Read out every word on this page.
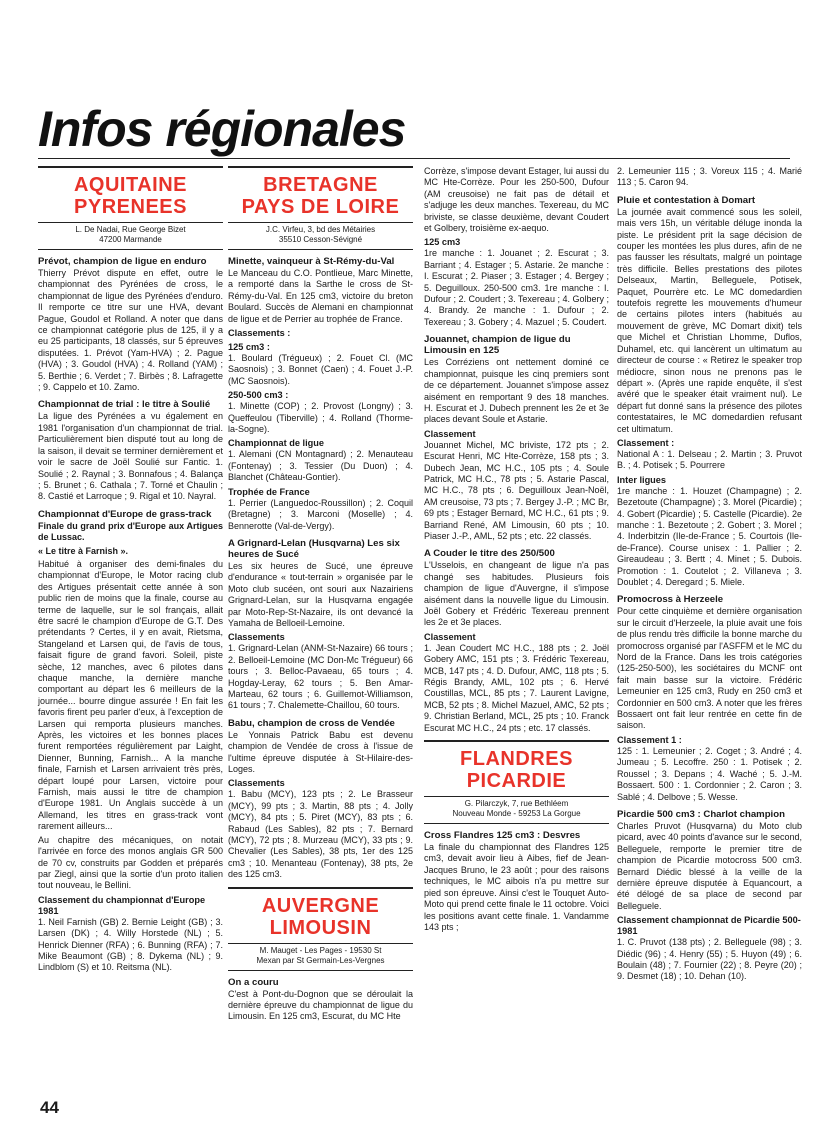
Infos régionales
AQUITAINE
PYRENEES
L. De Nadai, Rue George Bizet
47200 Marmande
Prévot, champion de ligue en enduro

Thierry Prévot dispute en effet, outre le championnat des Pyrénées de cross, le championnat de ligue des Pyrénées d'enduro. Il remporte ce titre sur une HVA, devant Pague, Goudol et Rolland. A noter que dans ce championnat catégorie plus de 125, il y a eu 25 participants, 18 classés, sur 5 épreuves disputées. 1. Prévot (Yam-HVA) ; 2. Pague (HVA) ; 3. Goudol (HVA) ; 4. Rolland (YAM) ; 5. Berthie ; 6. Verdet ; 7. Birbès ; 8. Lafragette ; 9. Cappelo et 10. Zamo.

Championnat de trial : le titre à Soulié

La ligue des Pyrénées a vu également en 1981 l'organisation d'un championnat de trial. Particulièrement bien disputé tout au long de la saison, il devait se terminer dernièrement et voir le sacre de Joël Soulié sur Fantic. 1. Soulié ; 2. Raynal ; 3. Bonnafous ; 4. Balança ; 5. Brunet ; 6. Cathala ; 7. Torné et Chaulin ; 8. Castié et Larroque ; 9. Rigal et 10. Nayral.

Championnat d'Europe de grass-track

Finale du grand prix d'Europe aux Artigues de Lussac.

« Le titre à Farnish ».

Habitué à organiser des demi-finales du championnat d'Europe, le Motor racing club des Artigues présentait cette année à son public rien de moins que la finale, course au terme de laquelle, sur le sol français, allait être sacré le champion d'Europe de G.T. Des prétendants ? Certes, il y en avait, Rietsma, Stangeland et Larsen qui, de l'avis de tous, faisait figure de grand favori. Soleil, piste sèche, 12 manches, avec 6 pilotes dans chaque manche, la dernière manche comportant au départ les 6 meilleurs de la journée... bourre dingue assurée ! En fait les favoris firent peu parler d'eux, à l'exception de Larsen qui remporta plusieurs manches. Après, les victoires et les bonnes places furent remportées régulièrement par Laight, Dienner, Bunning, Farnish... A la manche finale, Farnish et Larsen arrivaient très près, départ loupé pour Larsen, victoire pour Farnish, mais aussi le titre de champion d'Europe 1981. Un Anglais succède à un Allemand, les titres en grass-track vont rarement ailleurs...

Au chapitre des mécaniques, on notait l'arrivée en force des monos anglais GR 500 de 70 cv, construits par Godden et préparés par Ziegl, ainsi que la sortie d'un proto italien tout nouveau, le Bellini.

Classement du championnat d'Europe 1981

1. Neil Farnish (GB) 2. Bernie Leight (GB) ; 3. Larsen (DK) ; 4. Willy Horstede (NL) ; 5. Henrick Dienner (RFA) ; 6. Bunning (RFA) ; 7. Mike Beaumont (GB) ; 8. Dykema (NL) ; 9. Lindblom (S) et 10. Reitsma (NL).

BRETAGNE
PAYS DE LOIRE
J.C. Virfeu, 3, bd des Métairies
35510 Cesson-Sévigné
Minette, vainqueur à St-Rémy-du-Val

Le Manceau du C.O. Pontlieue, Marc Minette, a remporté dans la Sarthe le cross de St-Rémy-du-Val. En 125 cm3, victoire du breton Boulard. Succès de Alemani en championnat de ligue et de Perrier au trophée de France.

Classements :
125 cm3 :

1. Boulard (Trégueux) ; 2. Fouet Cl. (MC Saosnois) ; 3. Bonnet (Caen) ; 4. Fouet J.-P. (MC Saosnois).

250-500 cm3 :

1. Minette (COP) ; 2. Provost (Longny) ; 3. Queffeulou (Tiberville) ; 4. Rolland (Thorme-la-Sogne).

Championnat de ligue

1. Alemani (CN Montagnard) ; 2. Menauteau (Fontenay) ; 3. Tessier (Du Duon) ; 4. Blanchet (Château-Gontier).

Trophée de France

1. Perrier (Languedoc-Roussillon) ; 2. Coquil (Bretagne) ; 3. Marconi (Moselle) ; 4. Bennerotte (Val-de-Vergy).

A Grignard-Lelan (Husqvarna) Les six heures de Sucé

Les six heures de Sucé, une épreuve d'endurance « tout-terrain » organisée par le Moto club sucéen, ont souri aux Nazairiens Grignard-Lelan, sur la Husqvarna engagée par Moto-Rep-St-Nazaire, ils ont devancé la Yamaha de Belloeil-Lemoine.

Classements

1. Grignard-Lelan (ANM-St-Nazaire) 66 tours ; 2. Belloeil-Lemoine (MC Don-Mc Trégueur) 66 tours ; 3. Belloc-Pavaeau, 65 tours ; 4. Hogday-Leray, 62 tours ; 5. Ben Amar-Marteau, 62 tours ; 6. Guillemot-Williamson, 61 tours ; 7. Chalemette-Chaillou, 60 tours.

Babu, champion de cross de Vendée

Le Yonnais Patrick Babu est devenu champion de Vendée de cross à l'issue de l'ultime épreuve disputée à St-Hilaire-des-Loges.

Classements

1. Babu (MCY), 123 pts ; 2. Le Brasseur (MCY), 99 pts ; 3. Martin, 88 pts ; 4. Jolly (MCY), 84 pts ; 5. Piret (MCY), 83 pts ; 6. Rabaud (Les Sables), 82 pts ; 7. Bernard (MCY), 72 pts ; 8. Murzeau (MCY), 33 pts ; 9. Chevalier (Les Sables), 38 pts, 1er des 125 cm3 ; 10. Menanteau (Fontenay), 38 pts, 2e des 125 cm3.

AUVERGNE
LIMOUSIN
M. Mauget - Les Pages - 19530 St
Mexan par St Germain-Les-Vergnes
On a couru

C'est à Pont-du-Dognon que se déroulait la dernière épreuve du championnat de ligue du Limousin. En 125 cm3, Escurat, du MC Hte

Corrèze, s'impose devant Estager, lui aussi du MC Hte-Corrèze. Pour les 250-500, Dufour (AM creusoise) ne fait pas de détail et s'adjuge les deux manches. Texereau, du MC briviste, se classe deuxième, devant Coudert et Golbery, troisième ex-aequo.

125 cm3

1re manche : 1. Jouanet ; 2. Escurat ; 3. Barriant ; 4. Estager ; 5. Astarie. 2e manche : I. Escurat ; 2. Piaser ; 3. Estager ; 4. Bergey ; 5. Deguilloux. 250-500 cm3. 1re manche : I. Dufour ; 2. Coudert ; 3. Texereau ; 4. Golbery ; 4. Brandy. 2e manche : 1. Dufour ; 2. Texereau ; 3. Gobery ; 4. Mazuel ; 5. Coudert.

Jouannet, champion de ligue du Limousin en 125

Les Corréziens ont nettement dominé ce championnat, puisque les cinq premiers sont de ce département. Jouannet s'impose assez aisément en remportant 9 des 18 manches. H. Escurat et J. Dubech prennent les 2e et 3e places devant Soule et Astarie.

Classement

Jouannet Michel, MC briviste, 172 pts ; 2. Escurat Henri, MC Hte-Corrèze, 158 pts ; 3. Dubech Jean, MC H.C., 105 pts ; 4. Soule Patrick, MC H.C., 78 pts ; 5. Astarie Pascal, MC H.C., 78 pts ; 6. Deguilloux Jean-Noël, AM creusoise, 73 pts ; 7. Bergey J.-P. ; MC Br, 69 pts ; Estager Bernard, MC H.C., 61 pts ; 9. Barriand René, AM Limousin, 60 pts ; 10. Piaser J.-P., AML, 52 pts ; etc. 22 classés.

A Couder le titre des 250/500

L'Usselois, en changeant de ligue n'a pas changé ses habitudes. Plusieurs fois champion de ligue d'Auvergne, il s'impose aisément dans la nouvelle ligue du Limousin. Joël Gobery et Frédéric Texereau prennent les 2e et 3e places.

Classement

1. Jean Coudert MC H.C., 188 pts ; 2. Joël Gobery AMC, 151 pts ; 3. Frédéric Texereau, MCB, 147 pts ; 4. D. Dufour, AMC, 118 pts ; 5. Régis Brandy, AML, 102 pts ; 6. Hervé Coustillas, MCL, 85 pts ; 7. Laurent Lavigne, MCB, 52 pts ; 8. Michel Mazuel, AMC, 52 pts ; 9. Christian Berland, MCL, 25 pts ; 10. Franck Escurat MC H.C., 24 pts ; etc. 17 classés.

FLANDRES
PICARDIE
G. Pilarczyk, 7, rue Bethléem
Nouveau Monde - 59253 La Gorgue
Cross Flandres 125 cm3 : Desvres

La finale du championnat des Flandres 125 cm3, devait avoir lieu à Aibes, fief de Jean-Jacques Bruno, le 23 août ; pour des raisons techniques, le MC aibois n'a pu mettre sur pied son épreuve. Ainsi c'est le Touquet Auto-Moto qui prend cette finale le 11 octobre. Voici les positions avant cette finale. 1. Vandamme 143 pts ;

2. Lemeunier 115 ; 3. Voreux 115 ; 4. Marié 113 ; 5. Caron 94.

Pluie et contestation à Domart

La journée avait commencé sous les soleil, mais vers 15h, un véritable déluge inonda la piste. Le président prit la sage décision de couper les montées les plus dures, afin de ne pas fausser les résultats, malgré un pointage très difficile. Belles prestations des pilotes Delseaux, Martin, Belleguele, Potisek, Paquet, Pourrère etc. Le MC domedardien toutefois regrette les mouvements d'humeur de certains pilotes inters (habitués au mouvement de grève, MC Domart dixit) tels que Michel et Christian Lhomme, Duflos, Duhamel, etc. qui lancèrent un ultimatum au directeur de course : « Retirez le speaker trop médiocre, sinon nous ne prenons pas le départ ». (Après une rapide enquête, il s'est avéré que le speaker était vraiment nul). Le départ fut donné sans la présence des pilotes contestataires, le MC domedardien refusant cet ultimatum.

Classement :

National A : 1. Delseau ; 2. Martin ; 3. Pruvot B. ; 4. Potisek ; 5. Pourrere

Inter ligues

1re manche : 1. Houzet (Champagne) ; 2. Bezetoute (Champagne) ; 3. Morel (Picardie) ; 4. Gobert (Picardie) ; 5. Castelle (Picardie). 2e manche : 1. Bezetoute ; 2. Gobert ; 3. Morel ; 4. Inderbitzin (Ile-de-France ; 5. Courtois (Ile-de-France). Course unisex : 1. Pallier ; 2. Gireaudeau ; 3. Bertt ; 4. Minet ; 5. Dubois. Promotion : 1. Coutelot ; 2. Villaneva ; 3. Doublet ; 4. Deregard ; 5. Miele.

Promocross à Herzeele

Pour cette cinquième et dernière organisation sur le circuit d'Herzeele, la pluie avait une fois de plus rendu très difficile la bonne marche du promocross organisé par l'ASFFM et le MC du Nord de la France. Dans les trois catégories (125-250-500), les sociétaires du MCNF ont fait main basse sur la victoire. Frédéric Lemeunier en 125 cm3, Rudy en 250 cm3 et Cordonnier en 500 cm3. A noter que les frères Bossaert ont fait leur rentrée en cette fin de saison.

Classement 1 :

125 : 1. Lemeunier ; 2. Coget ; 3. André ; 4. Jumeau ; 5. Lecoffre. 250 : 1. Potisek ; 2. Roussel ; 3. Depans ; 4. Waché ; 5. J.-M. Bossaert. 500 : 1. Cordonnier ; 2. Caron ; 3. Sablé ; 4. Delbove ; 5. Wesse.

Picardie 500 cm3 : Charlot champion

Charles Pruvot (Husqvarna) du Moto club picard, avec 40 points d'avance sur le second, Belleguele, remporte le premier titre de champion de Picardie motocross 500 cm3. Bernard Diédic blessé à la veille de la dernière épreuve disputée à Equancourt, a été délogé de sa place de second par Belleguele.

Classement championnat de Picardie 500-1981

1. C. Pruvot (138 pts) ; 2. Belleguele (98) ; 3. Diédic (96) ; 4. Henry (55) ; 5. Huyon (49) ; 6. Boulain (48) ; 7. Fournier (22) ; 8. Peyre (20) ; 9. Desmet (18) ; 10. Dehan (10).

44
